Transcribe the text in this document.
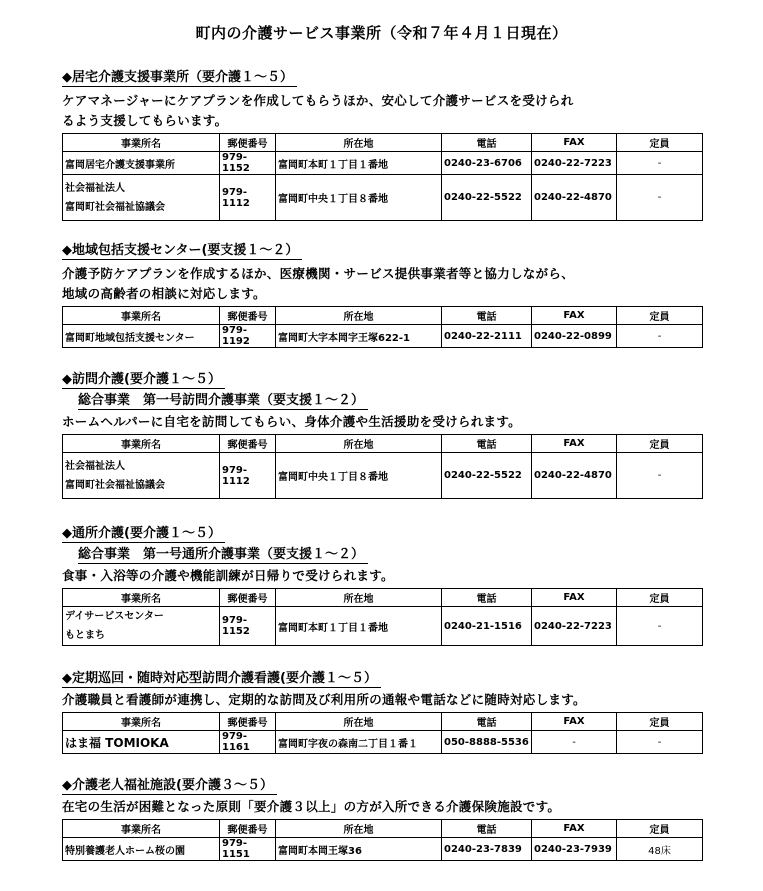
町内の介護サービス事業所（令和７年４月１日現在）
◆居宅介護支援事業所（要介護１～５）
ケアマネージャーにケアプランを作成してもらうほか、安心して介護サービスを受けられ
るよう支援してもらいます。
事業所名	郵便番号	所在地	電話	FAX	定員
富岡居宅介護支援事業所	979-1152	富岡町本町１丁目１番地	0240-23-6706	0240-22-7223	-

社会福祉法人
富岡町社会福祉協議会	979-1112	富岡町中央１丁目８番地	0240-22-5522	0240-22-4870	-
◆地域包括支援センター(要支援１～２）
介護予防ケアプランを作成するほか、医療機関・サービス提供事業者等と協力しながら、
地域の高齢者の相談に対応します。
事業所名	郵便番号	所在地	電話	FAX	定員
富岡町地域包括支援センター	979-1192	富岡町大字本岡字王塚622-1	0240-22-2111	0240-22-0899	-
◆訪問介護(要介護１～５）
総合事業　第一号訪問介護事業（要支援１～２）
ホームヘルパーに自宅を訪問してもらい、身体介護や生活援助を受けられます。
事業所名	郵便番号	所在地	電話	FAX	定員

社会福祉法人
富岡町社会福祉協議会	979-1112	富岡町中央１丁目８番地	0240-22-5522	0240-22-4870	-
◆通所介護(要介護１～５）
総合事業　第一号通所介護事業（要支援１～２）
食事・入浴等の介護や機能訓練が日帰りで受けられます。
事業所名	郵便番号	所在地	電話	FAX	定員

デイサービスセンター
もとまち	979-1152	富岡町本町１丁目１番地	0240-21-1516	0240-22-7223	-
◆定期巡回・随時対応型訪問介護看護(要介護１～５）
介護職員と看護師が連携し、定期的な訪問及び利用所の通報や電話などに随時対応します。
事業所名	郵便番号	所在地	電話	FAX	定員
はま福 TOMIOKA	979-1161	富岡町字夜の森南二丁目１番１	050-8888-5536	-	-
◆介護老人福祉施設(要介護３～５）
在宅の生活が困難となった原則「要介護３以上」の方が入所できる介護保険施設です。
事業所名	郵便番号	所在地	電話	FAX	定員
特別養護老人ホーム桜の園	979-1151	富岡町本岡王塚36	0240-23-7839	0240-23-7939	48床
